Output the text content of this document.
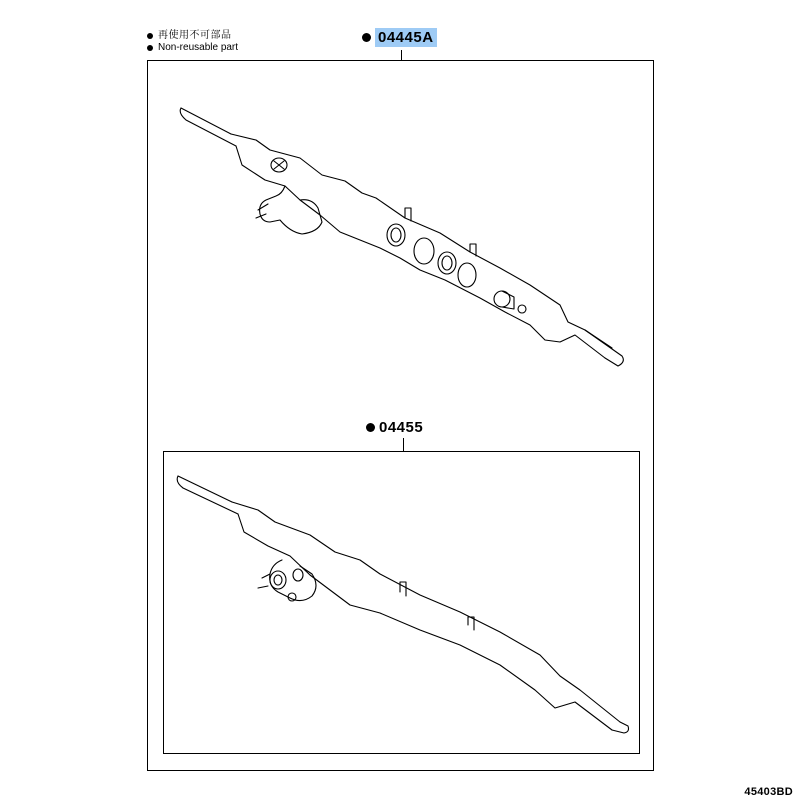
再使用不可部品
Non-reusable part
04445A
04455
45403BD
